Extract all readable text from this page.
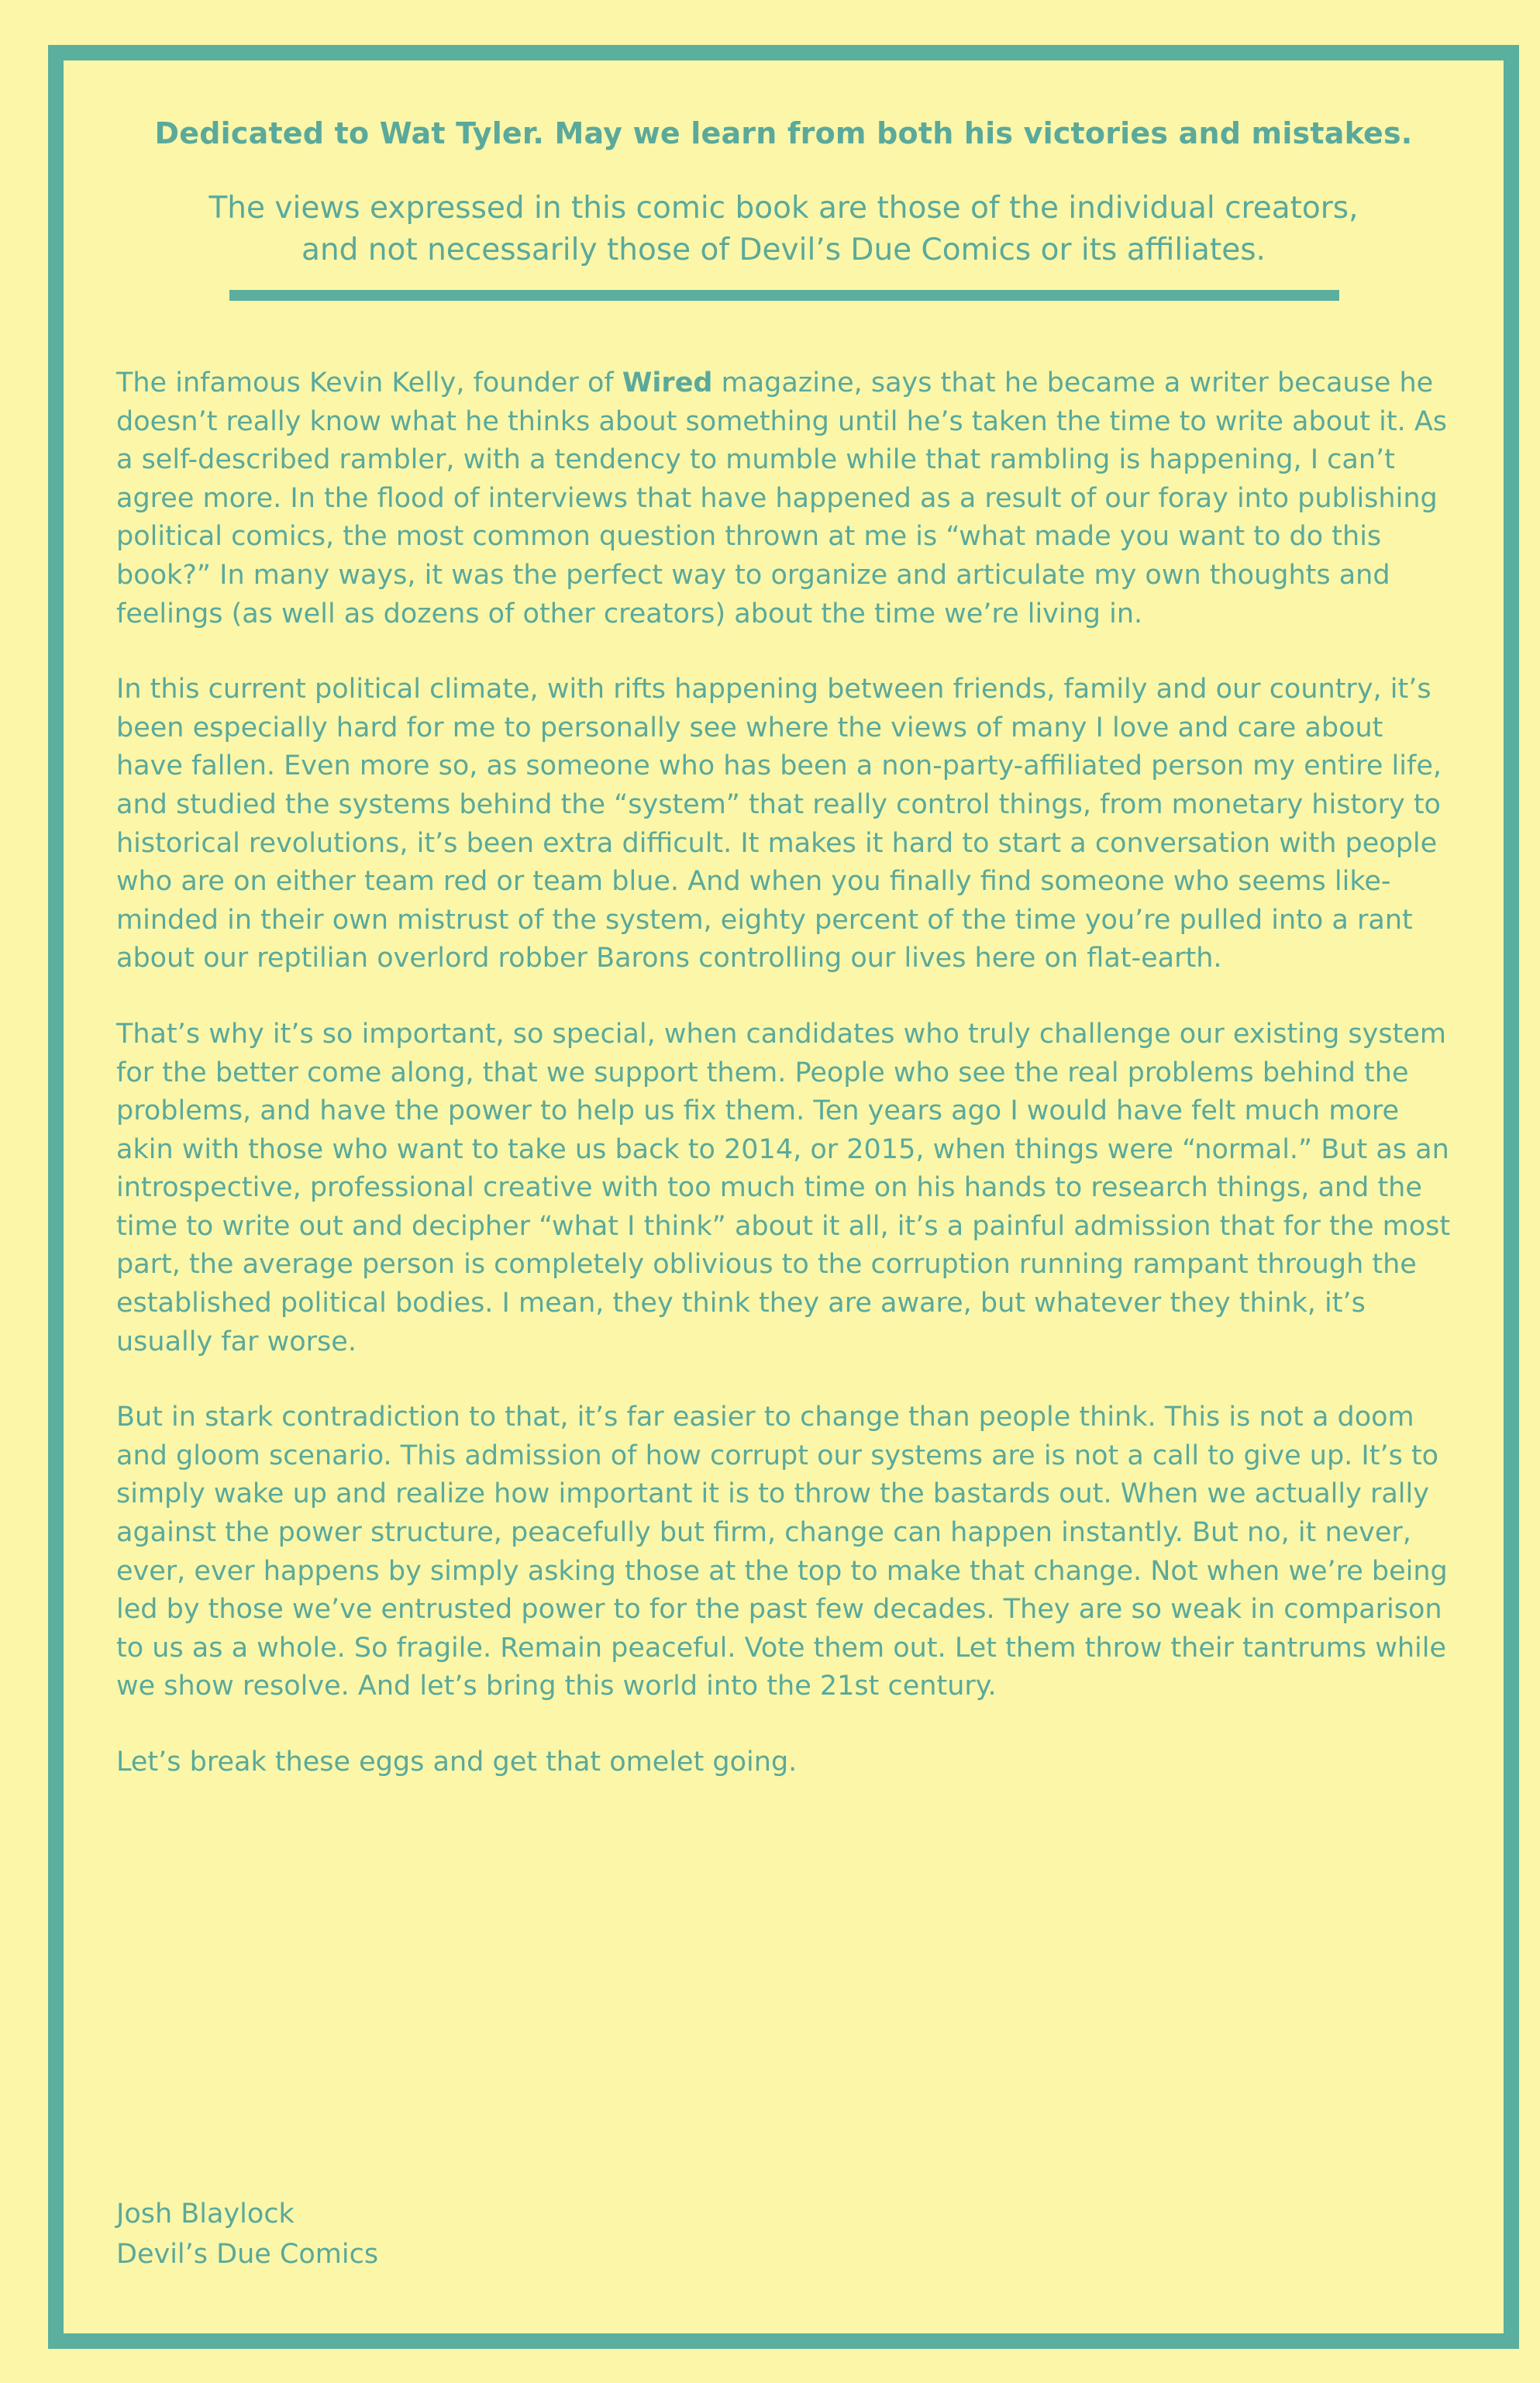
Dedicated to Wat Tyler. May we learn from both his victories and mistakes.
The views expressed in this comic book are those of the individual creators,
and not necessarily those of Devil’s Due Comics or its affiliates.

The infamous Kevin Kelly, founder of Wired magazine, says that he became a writer because he doesn’t really know what he thinks about something until he’s taken the time to write about it. As a self-described rambler, with a tendency to mumble while that rambling is happening, I can’t agree more. In the flood of interviews that have happened as a result of our foray into publishing political comics, the most common question thrown at me is “what made you want to do this book?” In many ways, it was the perfect way to organize and articulate my own thoughts and feelings (as well as dozens of other creators) about the time we’re living in.

In this current political climate, with rifts happening between friends, family and our country, it’s been especially hard for me to personally see where the views of many I love and care about have fallen. Even more so, as someone who has been a non-party-affiliated person my entire life, and studied the systems behind the “system” that really control things, from monetary history to historical revolutions, it’s been extra difficult. It makes it hard to start a conversation with people who are on either team red or team blue. And when you finally find someone who seems like-minded in their own mistrust of the system, eighty percent of the time you’re pulled into a rant about our reptilian overlord robber Barons controlling our lives here on flat-earth.

That’s why it’s so important, so special, when candidates who truly challenge our existing system for the better come along, that we support them. People who see the real problems behind the problems, and have the power to help us fix them. Ten years ago I would have felt much more akin with those who want to take us back to 2014, or 2015, when things were “normal.” But as an introspective, professional creative with too much time on his hands to research things, and the time to write out and decipher “what I think” about it all, it’s a painful admission that for the most part, the average person is completely oblivious to the corruption running rampant through the established political bodies. I mean, they think they are aware, but whatever they think, it’s usually far worse.

But in stark contradiction to that, it’s far easier to change than people think. This is not a doom and gloom scenario. This admission of how corrupt our systems are is not a call to give up. It’s to simply wake up and realize how important it is to throw the bastards out. When we actually rally against the power structure, peacefully but firm, change can happen instantly. But no, it never, ever, ever happens by simply asking those at the top to make that change. Not when we’re being led by those we’ve entrusted power to for the past few decades. They are so weak in comparison to us as a whole. So fragile. Remain peaceful. Vote them out. Let them throw their tantrums while we show resolve. And let’s bring this world into the 21st century.

Let’s break these eggs and get that omelet going.

Josh Blaylock
Devil’s Due Comics
